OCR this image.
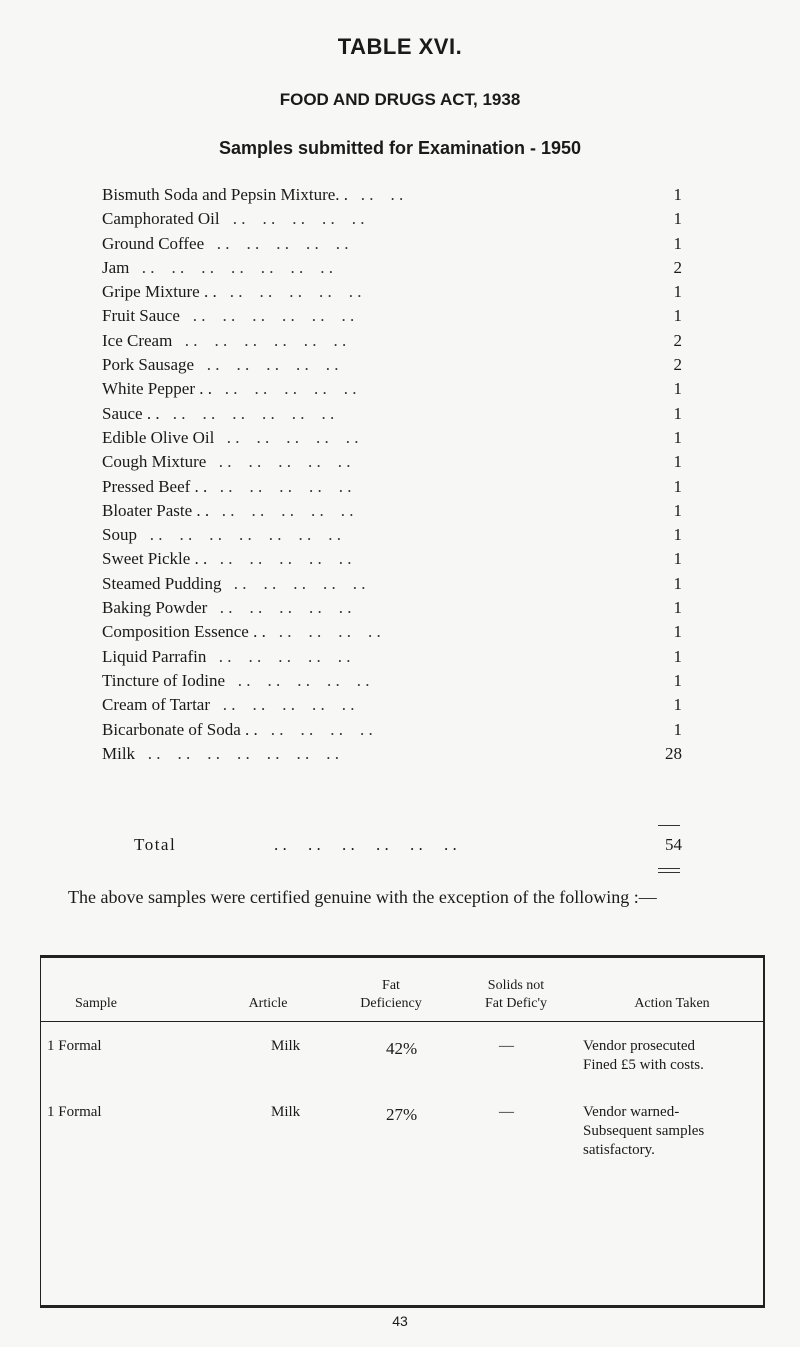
TABLE XVI.
FOOD AND DRUGS ACT, 1938
Samples submitted for Examination - 1950
Bismuth Soda and Pepsin Mixture. .	1
. .    . .
Camphorated Oil	1
. .    . .    . .    . .    . .
Ground Coffee	1
. .    . .    . .    . .    . .
Jam	2
. .    . .    . .    . .    . .    . .    . .
Gripe Mixture . .	1
. .    . .    . .    . .    . .
Fruit Sauce	1
. .    . .    . .    . .    . .    . .
Ice Cream	2
. .    . .    . .    . .    . .    . .
Pork Sausage	2
. .    . .    . .    . .    . .
White Pepper . .	1
. .    . .    . .    . .    . .
Sauce . .	1
. .    . .    . .    . .    . .    . .
Edible Olive Oil	1
. .    . .    . .    . .    . .
Cough Mixture	1
. .    . .    . .    . .    . .
Pressed Beef . .	1
. .    . .    . .    . .    . .
Bloater Paste . .	1
. .    . .    . .    . .    . .
Soup	1
. .    . .    . .    . .    . .    . .    . .
Sweet Pickle . .	1
. .    . .    . .    . .    . .
Steamed Pudding	1
. .    . .    . .    . .    . .
Baking Powder	1
. .    . .    . .    . .    . .
Composition Essence . .	1
. .    . .    . .    . .
Liquid Parrafin	1
. .    . .    . .    . .    . .
Tincture of Iodine	1
. .    . .    . .    . .    . .
Cream of Tartar	1
. .    . .    . .    . .    . .
Bicarbonate of Soda . .	1
. .    . .    . .    . .
Milk	28
. .    . .    . .    . .    . .    . .    . .
Total	. .     . .     . .     . .     . .     . .	54
The above samples were certified genuine with the exception of the following :—
Sample	Article
Fat
Deficiency
Solids not
Fat Defic'y	Action Taken
1 Formal	Milk	42%	—	Vendor prosecuted
Fined £5 with costs.
1 Formal	Milk	27%	—	Vendor warned-
Subsequent samples
satisfactory.
43
